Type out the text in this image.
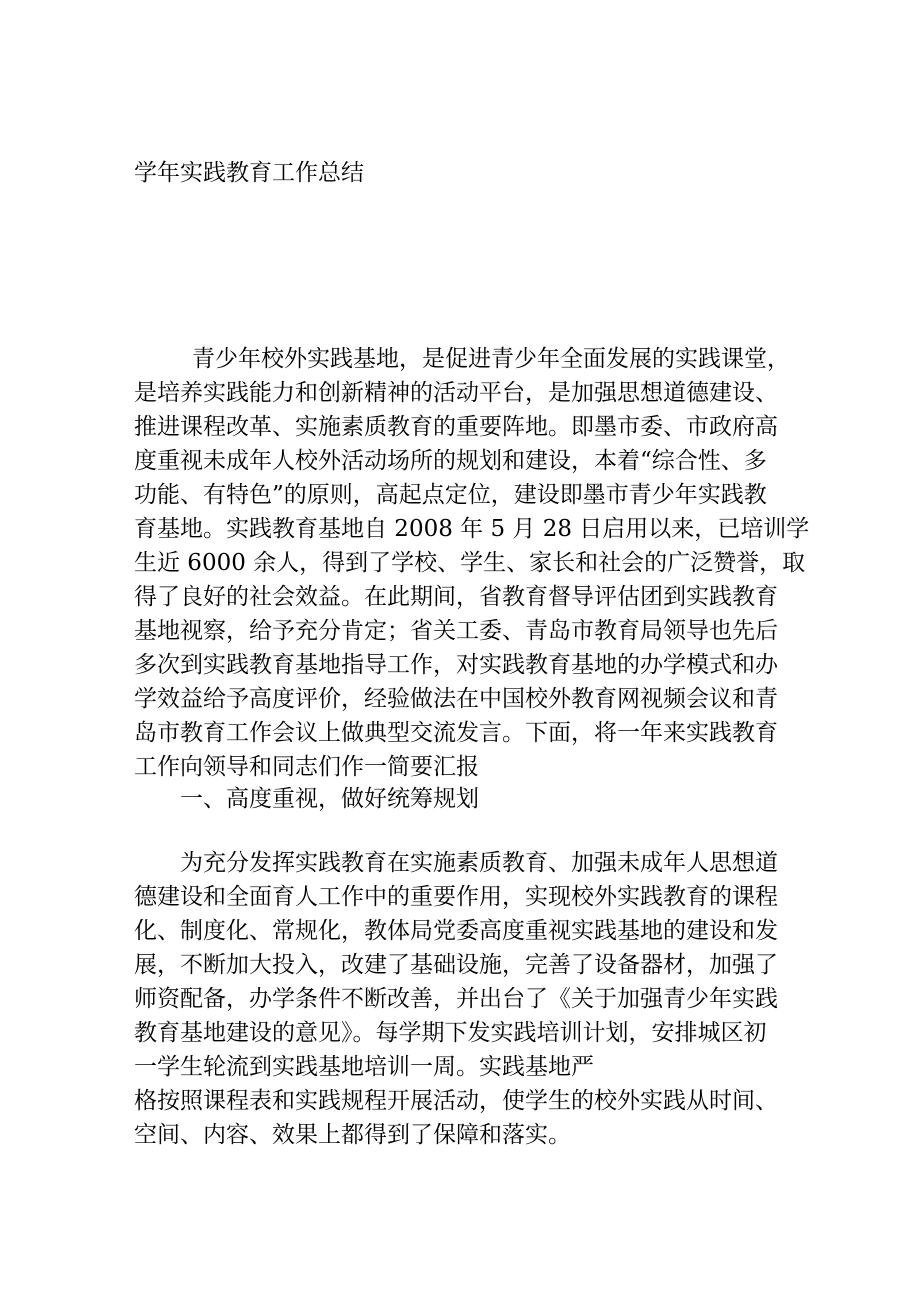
学年实践教育工作总结
青少年校外实践基地，是促进青少年全面发展的实践课堂，
是培养实践能力和创新精神的活动平台，是加强思想道德建设、
推进课程改革、实施素质教育的重要阵地。即墨市委、市政府高
度重视未成年人校外活动场所的规划和建设，本着“综合性、多
功能、有特色”的原则，高起点定位，建设即墨市青少年实践教
育基地。实践教育基地自 2008 年 5 月 28 日启用以来，已培训学
生近 6000 余人，得到了学校、学生、家长和社会的广泛赞誉，取
得了良好的社会效益。在此期间，省教育督导评估团到实践教育
基地视察，给予充分肯定；省关工委、青岛市教育局领导也先后
多次到实践教育基地指导工作，对实践教育基地的办学模式和办
学效益给予高度评价，经验做法在中国校外教育网视频会议和青
岛市教育工作会议上做典型交流发言。下面，将一年来实践教育
工作向领导和同志们作一简要汇报
一、高度重视，做好统筹规划
为充分发挥实践教育在实施素质教育、加强未成年人思想道
德建设和全面育人工作中的重要作用，实现校外实践教育的课程
化、制度化、常规化，教体局党委高度重视实践基地的建设和发
展，不断加大投入，改建了基础设施，完善了设备器材，加强了
师资配备，办学条件不断改善，并出台了《关于加强青少年实践
教育基地建设的意见》。每学期下发实践培训计划，安排城区初
一学生轮流到实践基地培训一周。实践基地严
格按照课程表和实践规程开展活动，使学生的校外实践从时间、
空间、内容、效果上都得到了保障和落实。
